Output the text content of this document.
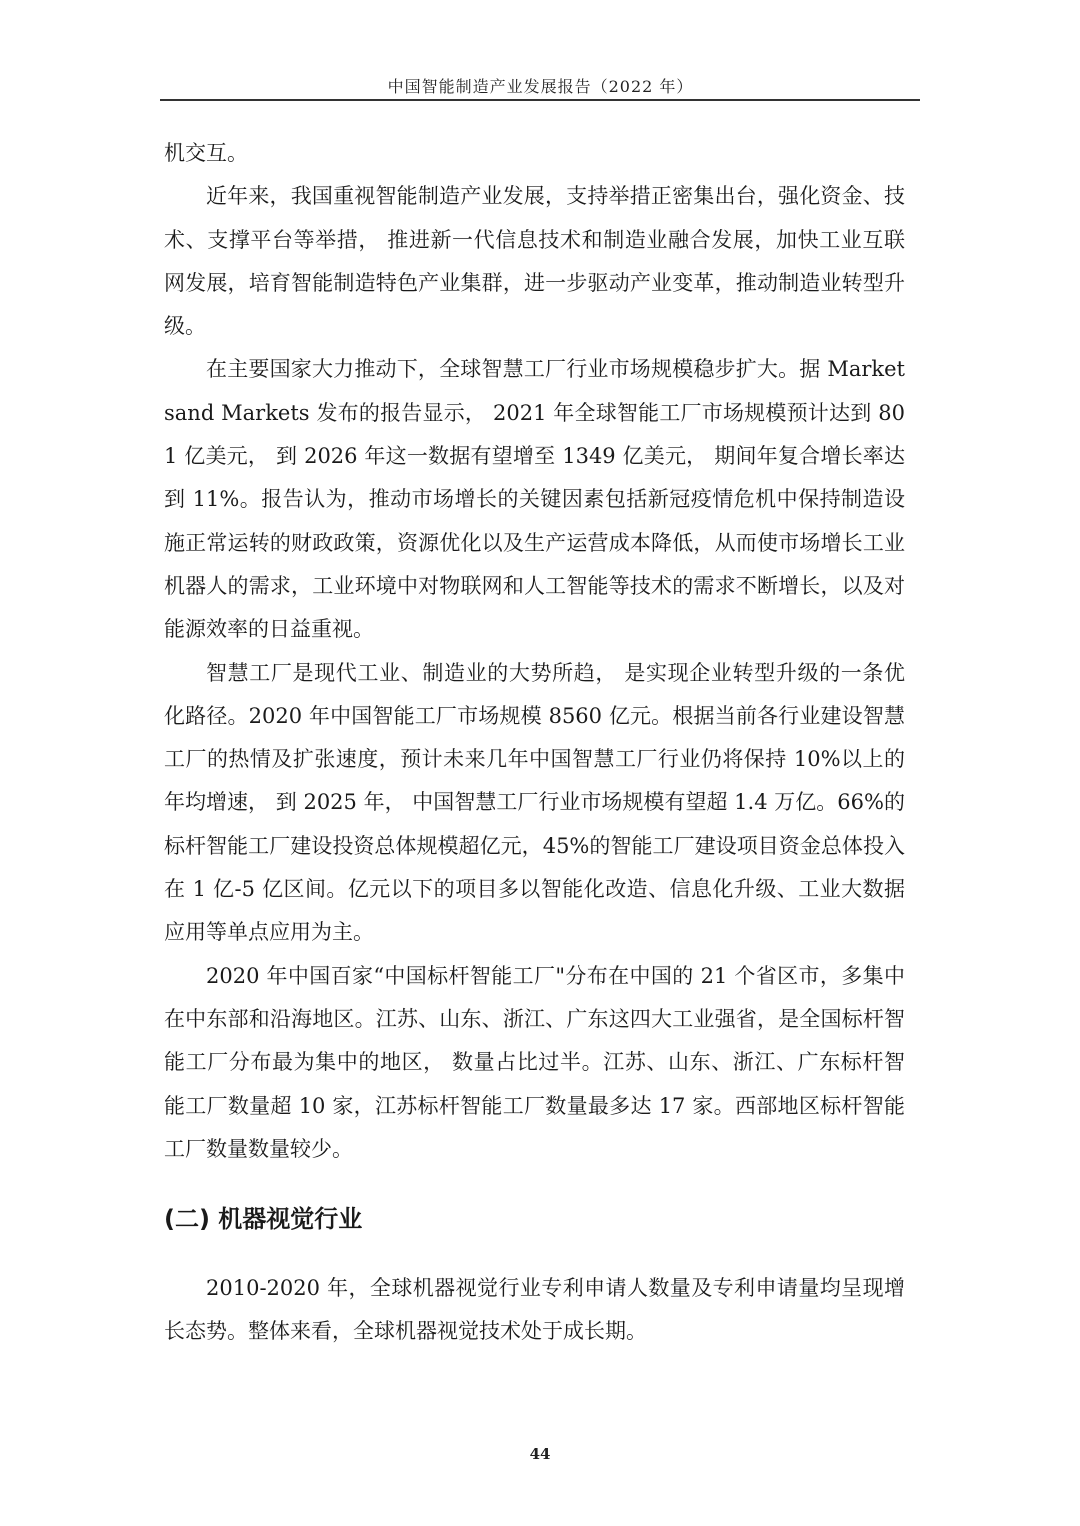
中国智能制造产业发展报告（2022 年）

机交互。

近年来，我国重视智能制造产业发展，支持举措正密集出台，强化资金、技术、支撑平台等举措， 推进新一代信息技术和制造业融合发展，加快工业互联网发展，培育智能制造特色产业集群，进一步驱动产业变革，推动制造业转型升级。

在主要国家大力推动下，全球智慧工厂行业市场规模稳步扩大。据 Market sand Markets 发布的报告显示， 2021 年全球智能工厂市场规模预计达到 801 亿美元， 到 2026 年这一数据有望增至 1349 亿美元， 期间年复合增长率达到 11%。报告认为，推动市场增长的关键因素包括新冠疫情危机中保持制造设施正常运转的财政政策，资源优化以及生产运营成本降低，从而使市场增长工业机器人的需求，工业环境中对物联网和人工智能等技术的需求不断增长，以及对能源效率的日益重视。

智慧工厂是现代工业、制造业的大势所趋， 是实现企业转型升级的一条优化路径。2020 年中国智能工厂市场规模 8560 亿元。根据当前各行业建设智慧工厂的热情及扩张速度，预计未来几年中国智慧工厂行业仍将保持 10%以上的年均增速， 到 2025 年， 中国智慧工厂行业市场规模有望超 1.4 万亿。66%的标杆智能工厂建设投资总体规模超亿元，45%的智能工厂建设项目资金总体投入在 1 亿-5 亿区间。亿元以下的项目多以智能化改造、信息化升级、工业大数据应用等单点应用为主。

2020 年中国百家“中国标杆智能工厂"分布在中国的 21 个省区市，多集中在中东部和沿海地区。江苏、山东、浙江、广东这四大工业强省，是全国标杆智能工厂分布最为集中的地区， 数量占比过半。江苏、山东、浙江、广东标杆智能工厂数量超 10 家，江苏标杆智能工厂数量最多达 17 家。西部地区标杆智能工厂数量数量较少。

(二) 机器视觉行业

2010-2020 年，全球机器视觉行业专利申请人数量及专利申请量均呈现增长态势。整体来看，全球机器视觉技术处于成长期。

44
